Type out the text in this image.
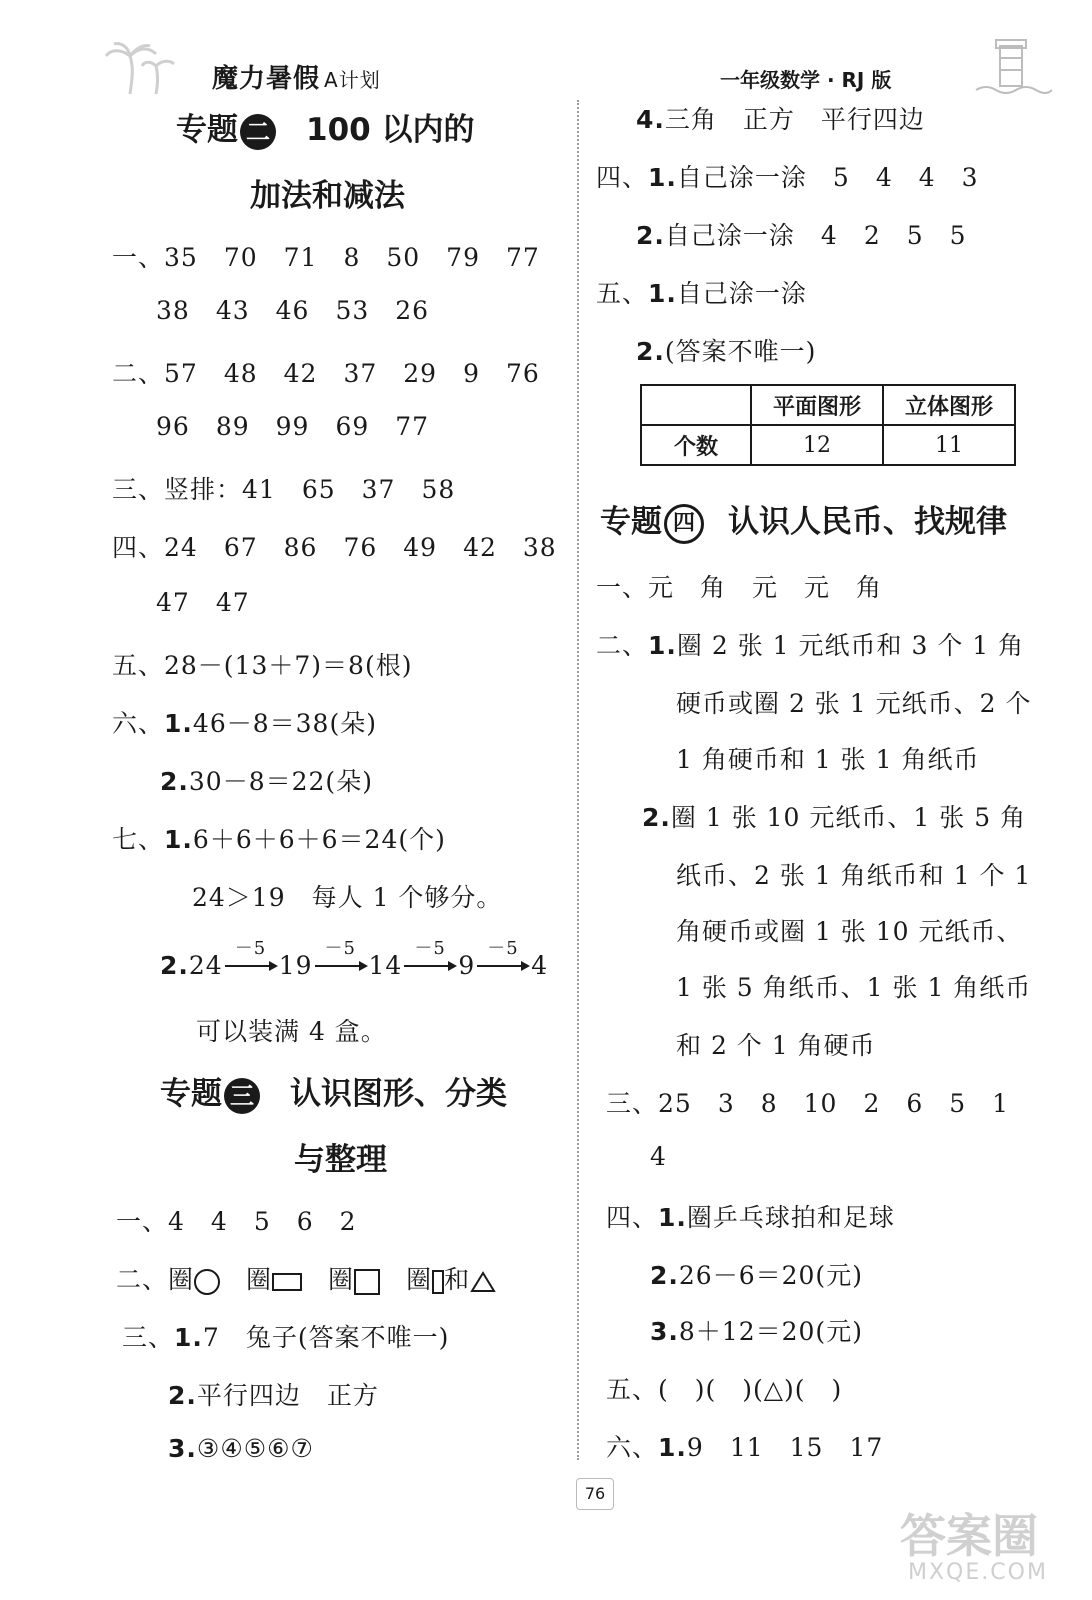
魔力暑假 A计划	一年级数学 · RJ 版
专题 二 100 以内的
加法和减法
一、35 70 71 8 50 79 77
38 43 46 53 26
二、57 48 42 37 29 9 76
96 89 99 69 77
三、竖排：41 65 37 58
四、24 67 86 76 49 42 38
47 47
五、28－(13＋7)＝8(根)
六、1.46－8＝38(朵)
2.30－8＝22(朵)
七、1.6＋6＋6＋6＝24(个)
24＞19　每人 1 个够分。
2.24
－5
19
－5
14
－5
9
－5
4
可以装满 4 盒。
专题 三 认识图形、分类
与整理
一、4 4 5 6 2
二、圈 圈 圈 圈 和
三、1.7　兔子(答案不唯一)
2.平行四边　正方
3.③④⑤⑥⑦
4.三角　正方　平行四边
四、1.自己涂一涂　5　4　4　3
2.自己涂一涂　4　2　5　5
五、1.自己涂一涂
2.(答案不唯一)
	平面图形	立体图形
个数	12	11
专题 四 认识人民币、找规律
一、元　角　元　元　角
二、1.圈 2 张 1 元纸币和 3 个 1 角
硬币或圈 2 张 1 元纸币、2 个
1 角硬币和 1 张 1 角纸币
2.圈 1 张 10 元纸币、1 张 5 角
纸币、2 张 1 角纸币和 1 个 1
角硬币或圈 1 张 10 元纸币、
1 张 5 角纸币、1 张 1 角纸币
和 2 个 1 角硬币
三、25 3 8 10 2 6 5 1
4
四、1.圈乒乓球拍和足球
2.26－6＝20(元)
3.8＋12＝20(元)
五、(　)(　)(△)(　)
六、1.9 11 15 17
76
答案圈
MXQE.COM
